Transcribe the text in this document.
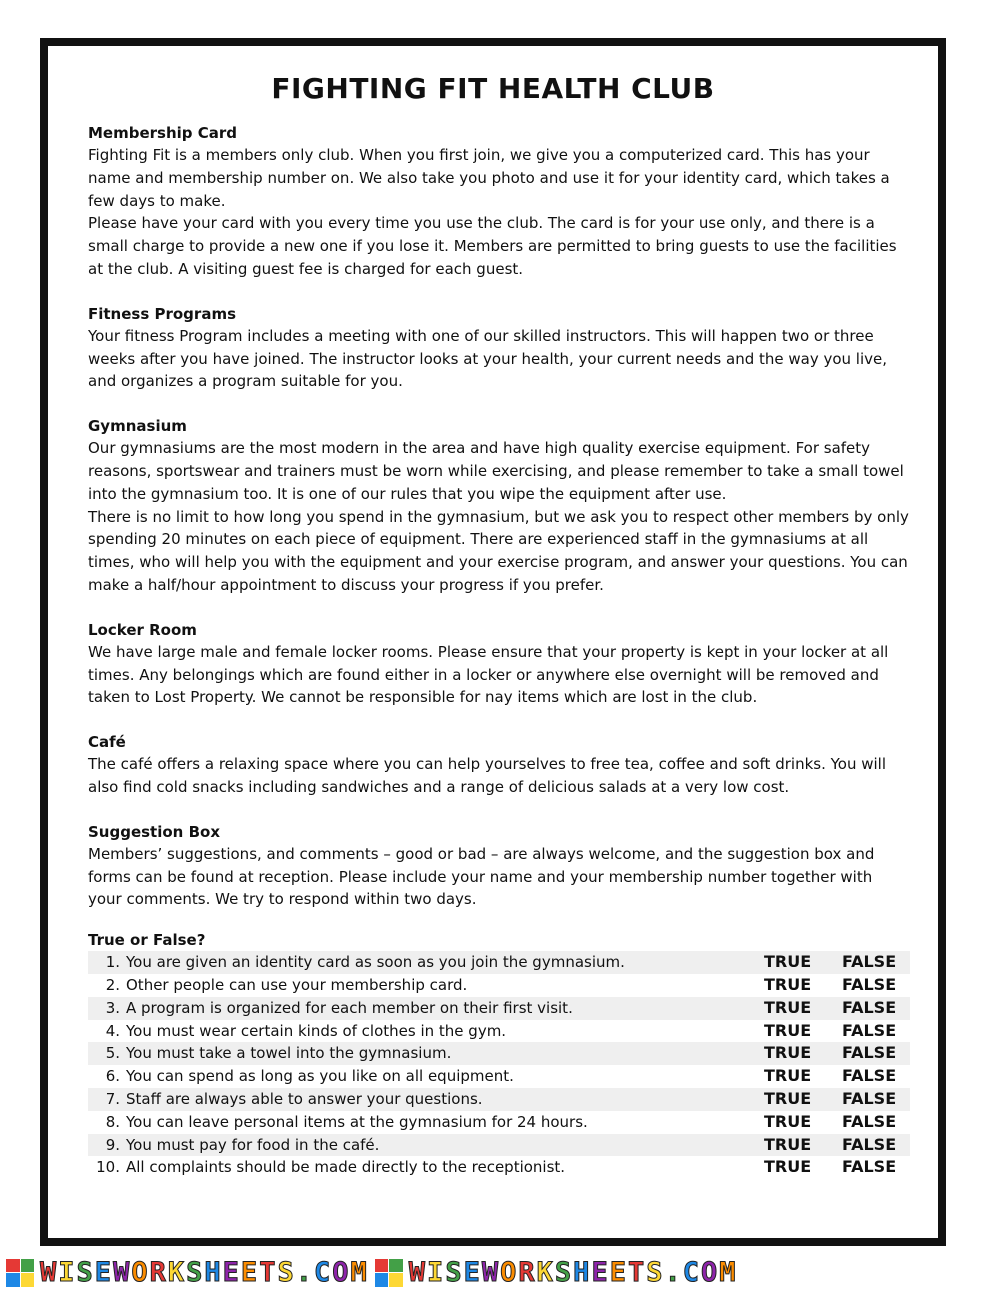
FIGHTING FIT HEALTH CLUB
Membership Card
Fighting Fit is a members only club. When you first join, we give you a computerized card. This has your name and membership number on. We also take you photo and use it for your identity card, which takes a few days to make.
Please have your card with you every time you use the club. The card is for your use only, and there is a small charge to provide a new one if you lose it. Members are permitted to bring guests to use the facilities at the club. A visiting guest fee is charged for each guest.
Fitness Programs
Your fitness Program includes a meeting with one of our skilled instructors. This will happen two or three weeks after you have joined. The instructor looks at your health, your current needs and the way you live, and organizes a program suitable for you.
Gymnasium
Our gymnasiums are the most modern in the area and have high quality exercise equipment. For safety reasons, sportswear and trainers must be worn while exercising, and please remember to take a small towel into the gymnasium too. It is one of our rules that you wipe the equipment after use.
There is no limit to how long you spend in the gymnasium, but we ask you to respect other members by only spending 20 minutes on each piece of equipment. There are experienced staff in the gymnasiums at all times, who will help you with the equipment and your exercise program, and answer your questions. You can make a half/hour appointment to discuss your progress if you prefer.
Locker Room
We have large male and female locker rooms. Please ensure that your property is kept in your locker at all times. Any belongings which are found either in a locker or anywhere else overnight will be removed and taken to Lost Property. We cannot be responsible for nay items which are lost in the club.
Café
The café offers a relaxing space where you can help yourselves to free tea, coffee and soft drinks. You will also find cold snacks including sandwiches and a range of delicious salads at a very low cost.
Suggestion Box
Members’ suggestions, and comments – good or bad – are always welcome, and the suggestion box and forms can be found at reception. Please include your name and your membership number together with your comments. We try to respond within two days.
True or False?
1.	You are given an identity card as soon as you join the gymnasium.	TRUE	FALSE
2.	Other people can use your membership card.	TRUE	FALSE
3.	A program is organized for each member on their first visit.	TRUE	FALSE
4.	You must wear certain kinds of clothes in the gym.	TRUE	FALSE
5.	You must take a towel into the gymnasium.	TRUE	FALSE
6.	You can spend as long as you like on all equipment.	TRUE	FALSE
7.	Staff are always able to answer your questions.	TRUE	FALSE
8.	You can leave personal items at the gymnasium for 24 hours.	TRUE	FALSE
9.	You must pay for food in the café.	TRUE	FALSE
10.	All complaints should be made directly to the receptionist.	TRUE	FALSE
WISEWORKSHEETS.COM WISEWORKSHEETS.COM
